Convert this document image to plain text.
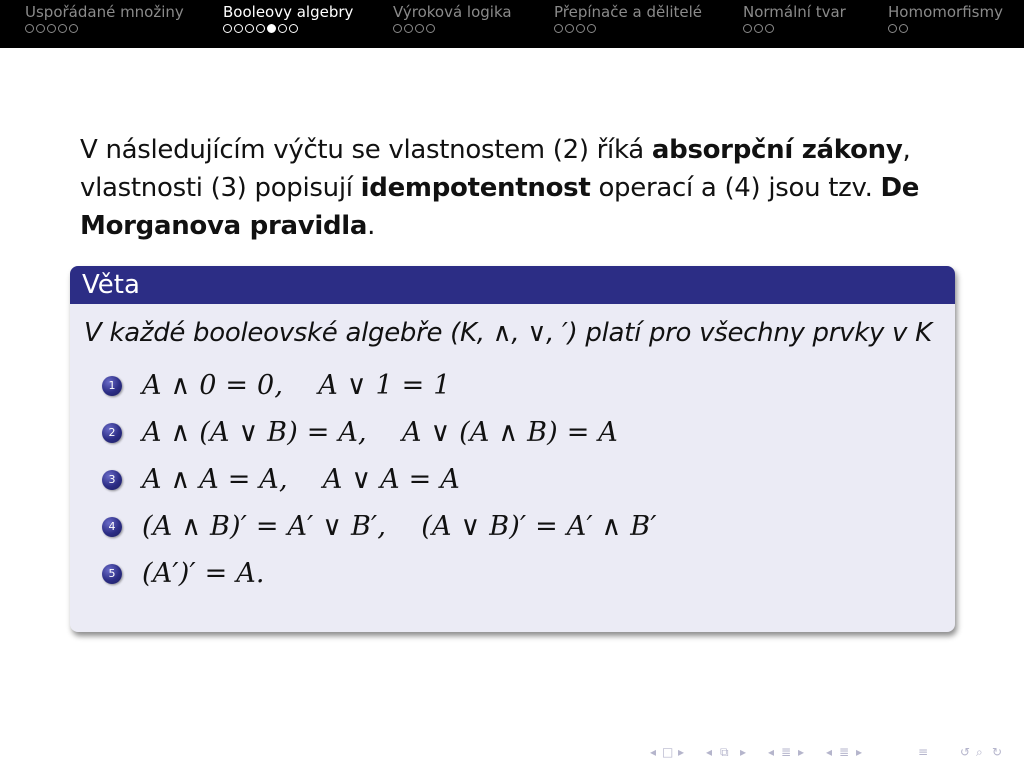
Uspořádané množiny	Booleovy algebry	Výroková logika	Přepínače a dělitelé	Normální tvar	Homomorfismy
V následujícím výčtu se vlastnostem (2) říká absorpční zákony, vlastnosti (3) popisují idempotentnost operací a (4) jsou tzv. De Morganova pravidla.
Věta
V každé booleovské algebře (K, ∧, ∨, ′) platí pro všechny prvky v K
1 A ∧ 0 = 0,    A ∨ 1 = 1
2 A ∧ (A ∨ B) = A,    A ∨ (A ∧ B) = A
3 A ∧ A = A,    A ∨ A = A
4 (A ∧ B)′ = A′ ∨ B′,    (A ∨ B)′ = A′ ∧ B′
5 (A′)′ = A.
◂ □ ▸ ◂ ⧉ ▸ ◂ ≣ ▸ ◂ ≣ ▸	≡	↺ ⌕ ↻
